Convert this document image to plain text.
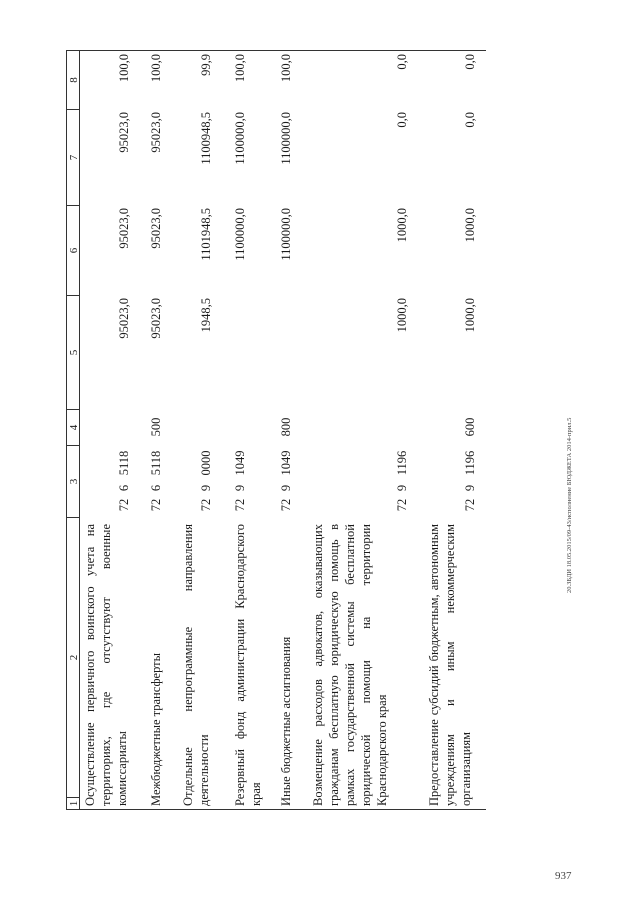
1
2
3
4
5
6
7
8
Осуществление первичного воинского учета на территориях, где отсутствуют военные комиссариаты
72
6
5118
95023,0
95023,0
95023,0
100,0
Межбюджетные трансферты
72
6
5118
500
95023,0
95023,0
95023,0
100,0
Отдельные непрограммные направления деятельности
72
9
0000
1948,5
1101948,5
1100948,5
99,9
Резервный фонд администрации Краснодарского края
72
9
1049
1100000,0
1100000,0
100,0
Иные бюджетные ассигнования
72
9
1049
800
1100000,0
1100000,0
100,0
Возмещение расходов адвокатов, оказывающих гражданам бесплатную юридическую помощь в рамках государственной системы бесплатной юридической помощи на территории Краснодарского края
72
9
1196
1000,0
1000,0
0,0
0,0
Предоставление субсидий бюджетным, автономным учреждениям и иным некоммерческим организациям
72
9
1196
600
1000,0
1000,0
0,0
0,0
20.ЗБДИ 18.05.2015/09-43/исполнение БЮДЖЕТА 2014-прил.5
937
